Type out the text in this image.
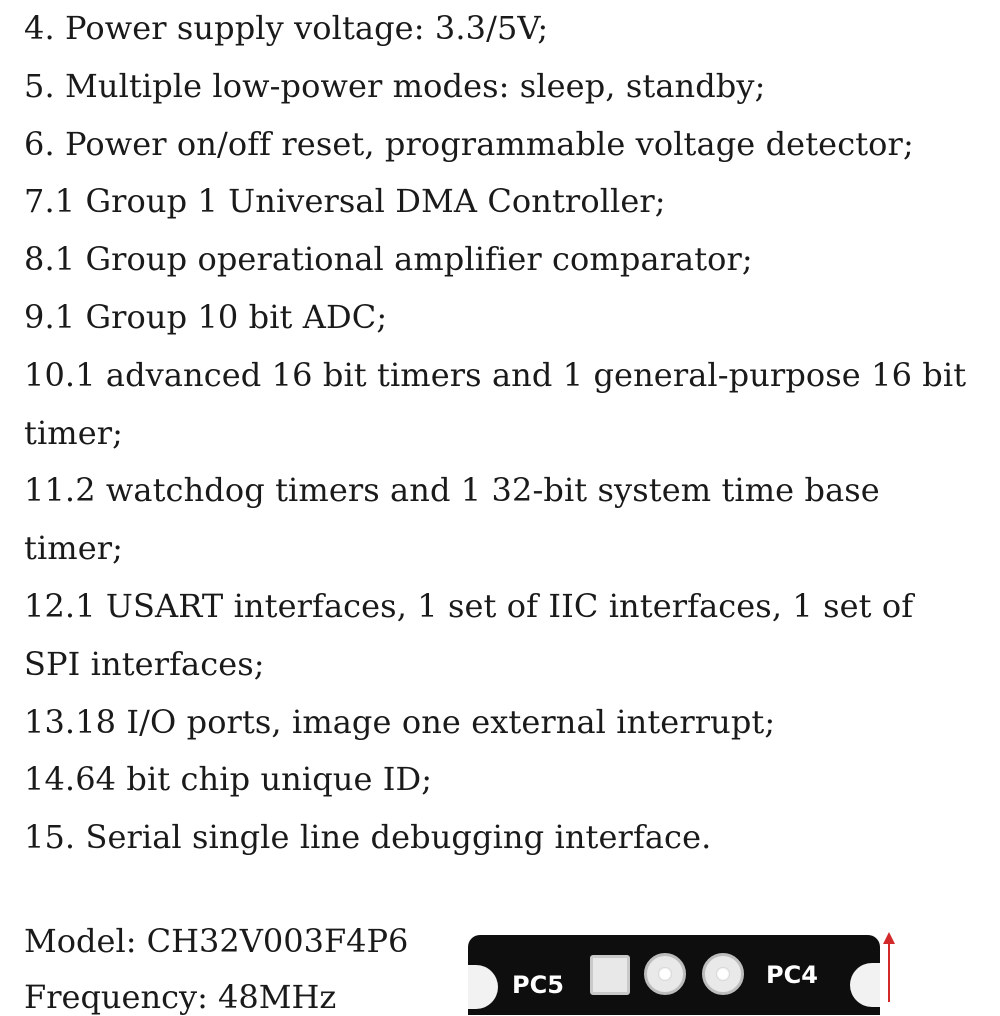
4. Power supply voltage: 3.3/5V;
5. Multiple low-power modes: sleep, standby;
6. Power on/off reset, programmable voltage detector;
7.1 Group 1 Universal DMA Controller;
8.1 Group operational amplifier comparator;
9.1 Group 10 bit ADC;
10.1 advanced 16 bit timers and 1 general-purpose 16 bit
timer;
11.2 watchdog timers and 1 32-bit system time base
timer;
12.1 USART interfaces, 1 set of IIC interfaces, 1 set of
SPI interfaces;
13.18 I/O ports, image one external interrupt;
14.64 bit chip unique ID;
15. Serial single line debugging interface.
Model: CH32V003F4P6
Frequency: 48MHz	PC5	PC4
